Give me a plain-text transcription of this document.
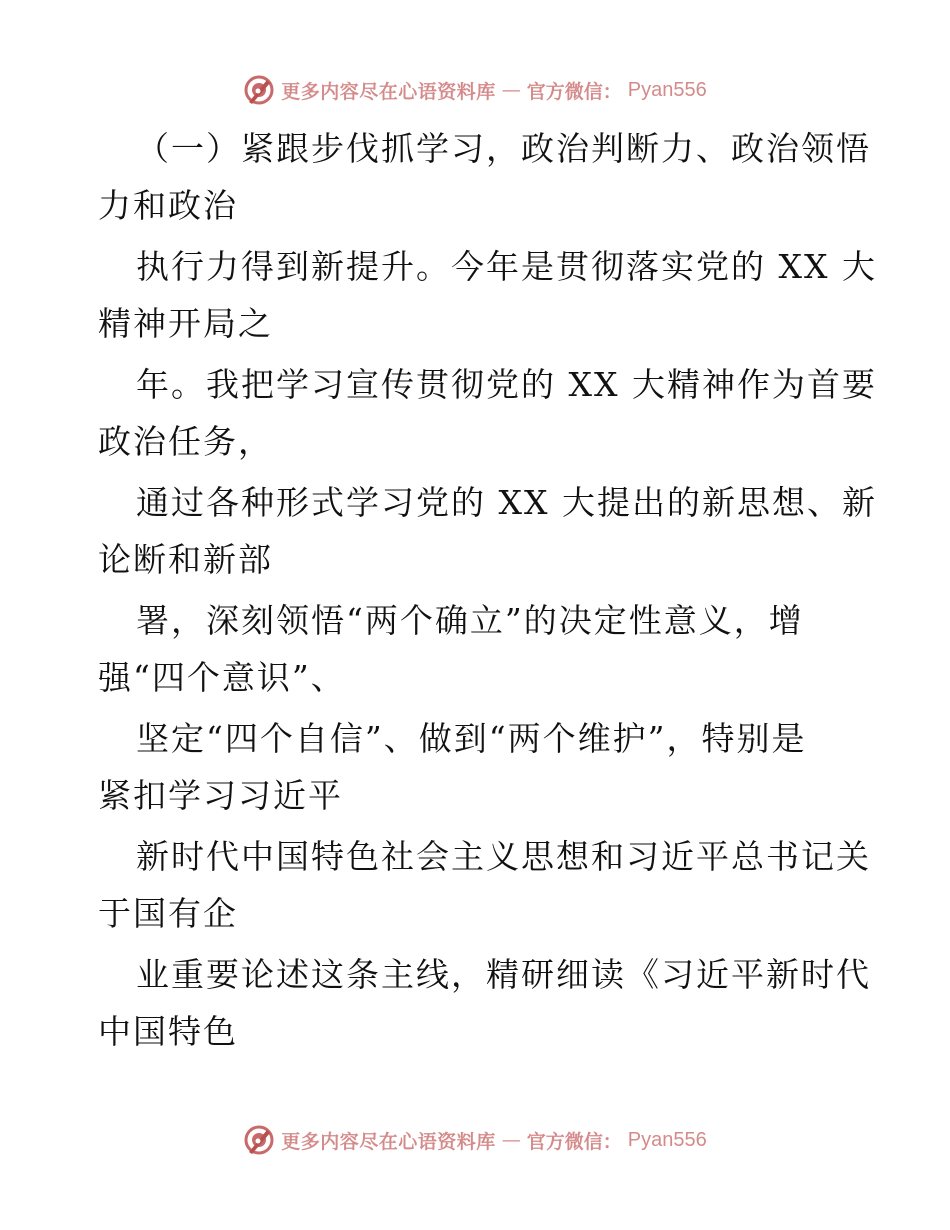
更多内容尽在心语资料库 — 官方微信： Pyan556

（一）紧跟步伐抓学习，政治判断力、政治领悟
力和政治

执行力得到新提升。今年是贯彻落实党的 XX 大
精神开局之

年。我把学习宣传贯彻党的 XX 大精神作为首要
政治任务，

通过各种形式学习党的 XX 大提出的新思想、新
论断和新部

署，深刻领悟“两个确立”的决定性意义，增
强“四个意识”、

坚定“四个自信”、做到“两个维护”，特别是
紧扣学习习近平

新时代中国特色社会主义思想和习近平总书记关
于国有企

业重要论述这条主线，精研细读《习近平新时代
中国特色

更多内容尽在心语资料库 — 官方微信： Pyan556
